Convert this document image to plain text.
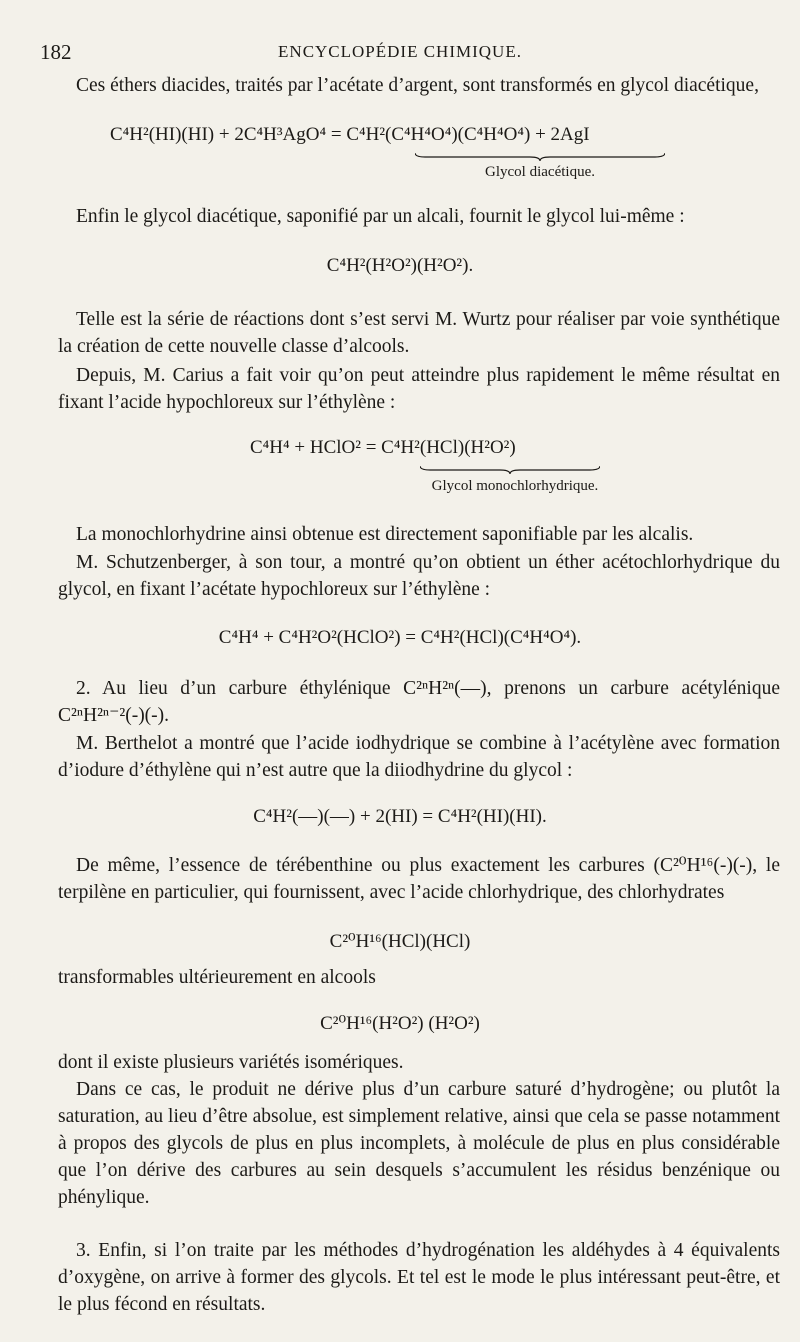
182	ENCYCLOPÉDIE CHIMIQUE.

Ces éthers diacides, traités par l’acétate d’argent, sont transformés en glycol diacétique,

C⁴H²(HI)(HI) + 2C⁴H³AgO⁴ = C⁴H²(C⁴H⁴O⁴)(C⁴H⁴O⁴) + 2AgI
Glycol diacétique.

Enfin le glycol diacétique, saponifié par un alcali, fournit le glycol lui-même :

C⁴H²(H²O²)(H²O²).

Telle est la série de réactions dont s’est servi M. Wurtz pour réaliser par voie synthétique la création de cette nouvelle classe d’alcools.

Depuis, M. Carius a fait voir qu’on peut atteindre plus rapidement le même résultat en fixant l’acide hypochloreux sur l’éthylène :

C⁴H⁴ + HClO² = C⁴H²(HCl)(H²O²)
Glycol monochlorhydrique.

La monochlorhydrine ainsi obtenue est directement saponifiable par les alcalis.

M. Schutzenberger, à son tour, a montré qu’on obtient un éther acétochlorhydrique du glycol, en fixant l’acétate hypochloreux sur l’éthylène :

C⁴H⁴ + C⁴H²O²(HClO²) = C⁴H²(HCl)(C⁴H⁴O⁴).

2. Au lieu d’un carbure éthylénique C²ⁿH²ⁿ(—), prenons un carbure acétylénique C²ⁿH²ⁿ⁻²(-)(-).

M. Berthelot a montré que l’acide iodhydrique se combine à l’acétylène avec formation d’iodure d’éthylène qui n’est autre que la diiodhydrine du glycol :

C⁴H²(—)(—) + 2(HI) = C⁴H²(HI)(HI).

De même, l’essence de térébenthine ou plus exactement les carbures (C²⁰H¹⁶(-)(-), le terpilène en particulier, qui fournissent, avec l’acide chlorhydrique, des chlorhydrates

C²⁰H¹⁶(HCl)(HCl)

transformables ultérieurement en alcools

C²⁰H¹⁶(H²O²) (H²O²)

dont il existe plusieurs variétés isomériques.

Dans ce cas, le produit ne dérive plus d’un carbure saturé d’hydrogène; ou plutôt la saturation, au lieu d’être absolue, est simplement relative, ainsi que cela se passe notamment à propos des glycols de plus en plus incomplets, à molécule de plus en plus considérable que l’on dérive des carbures au sein desquels s’accumulent les résidus benzénique ou phénylique.

3. Enfin, si l’on traite par les méthodes d’hydrogénation les aldéhydes à 4 équivalents d’oxygène, on arrive à former des glycols. Et tel est le mode le plus intéressant peut-être, et le plus fécond en résultats.
